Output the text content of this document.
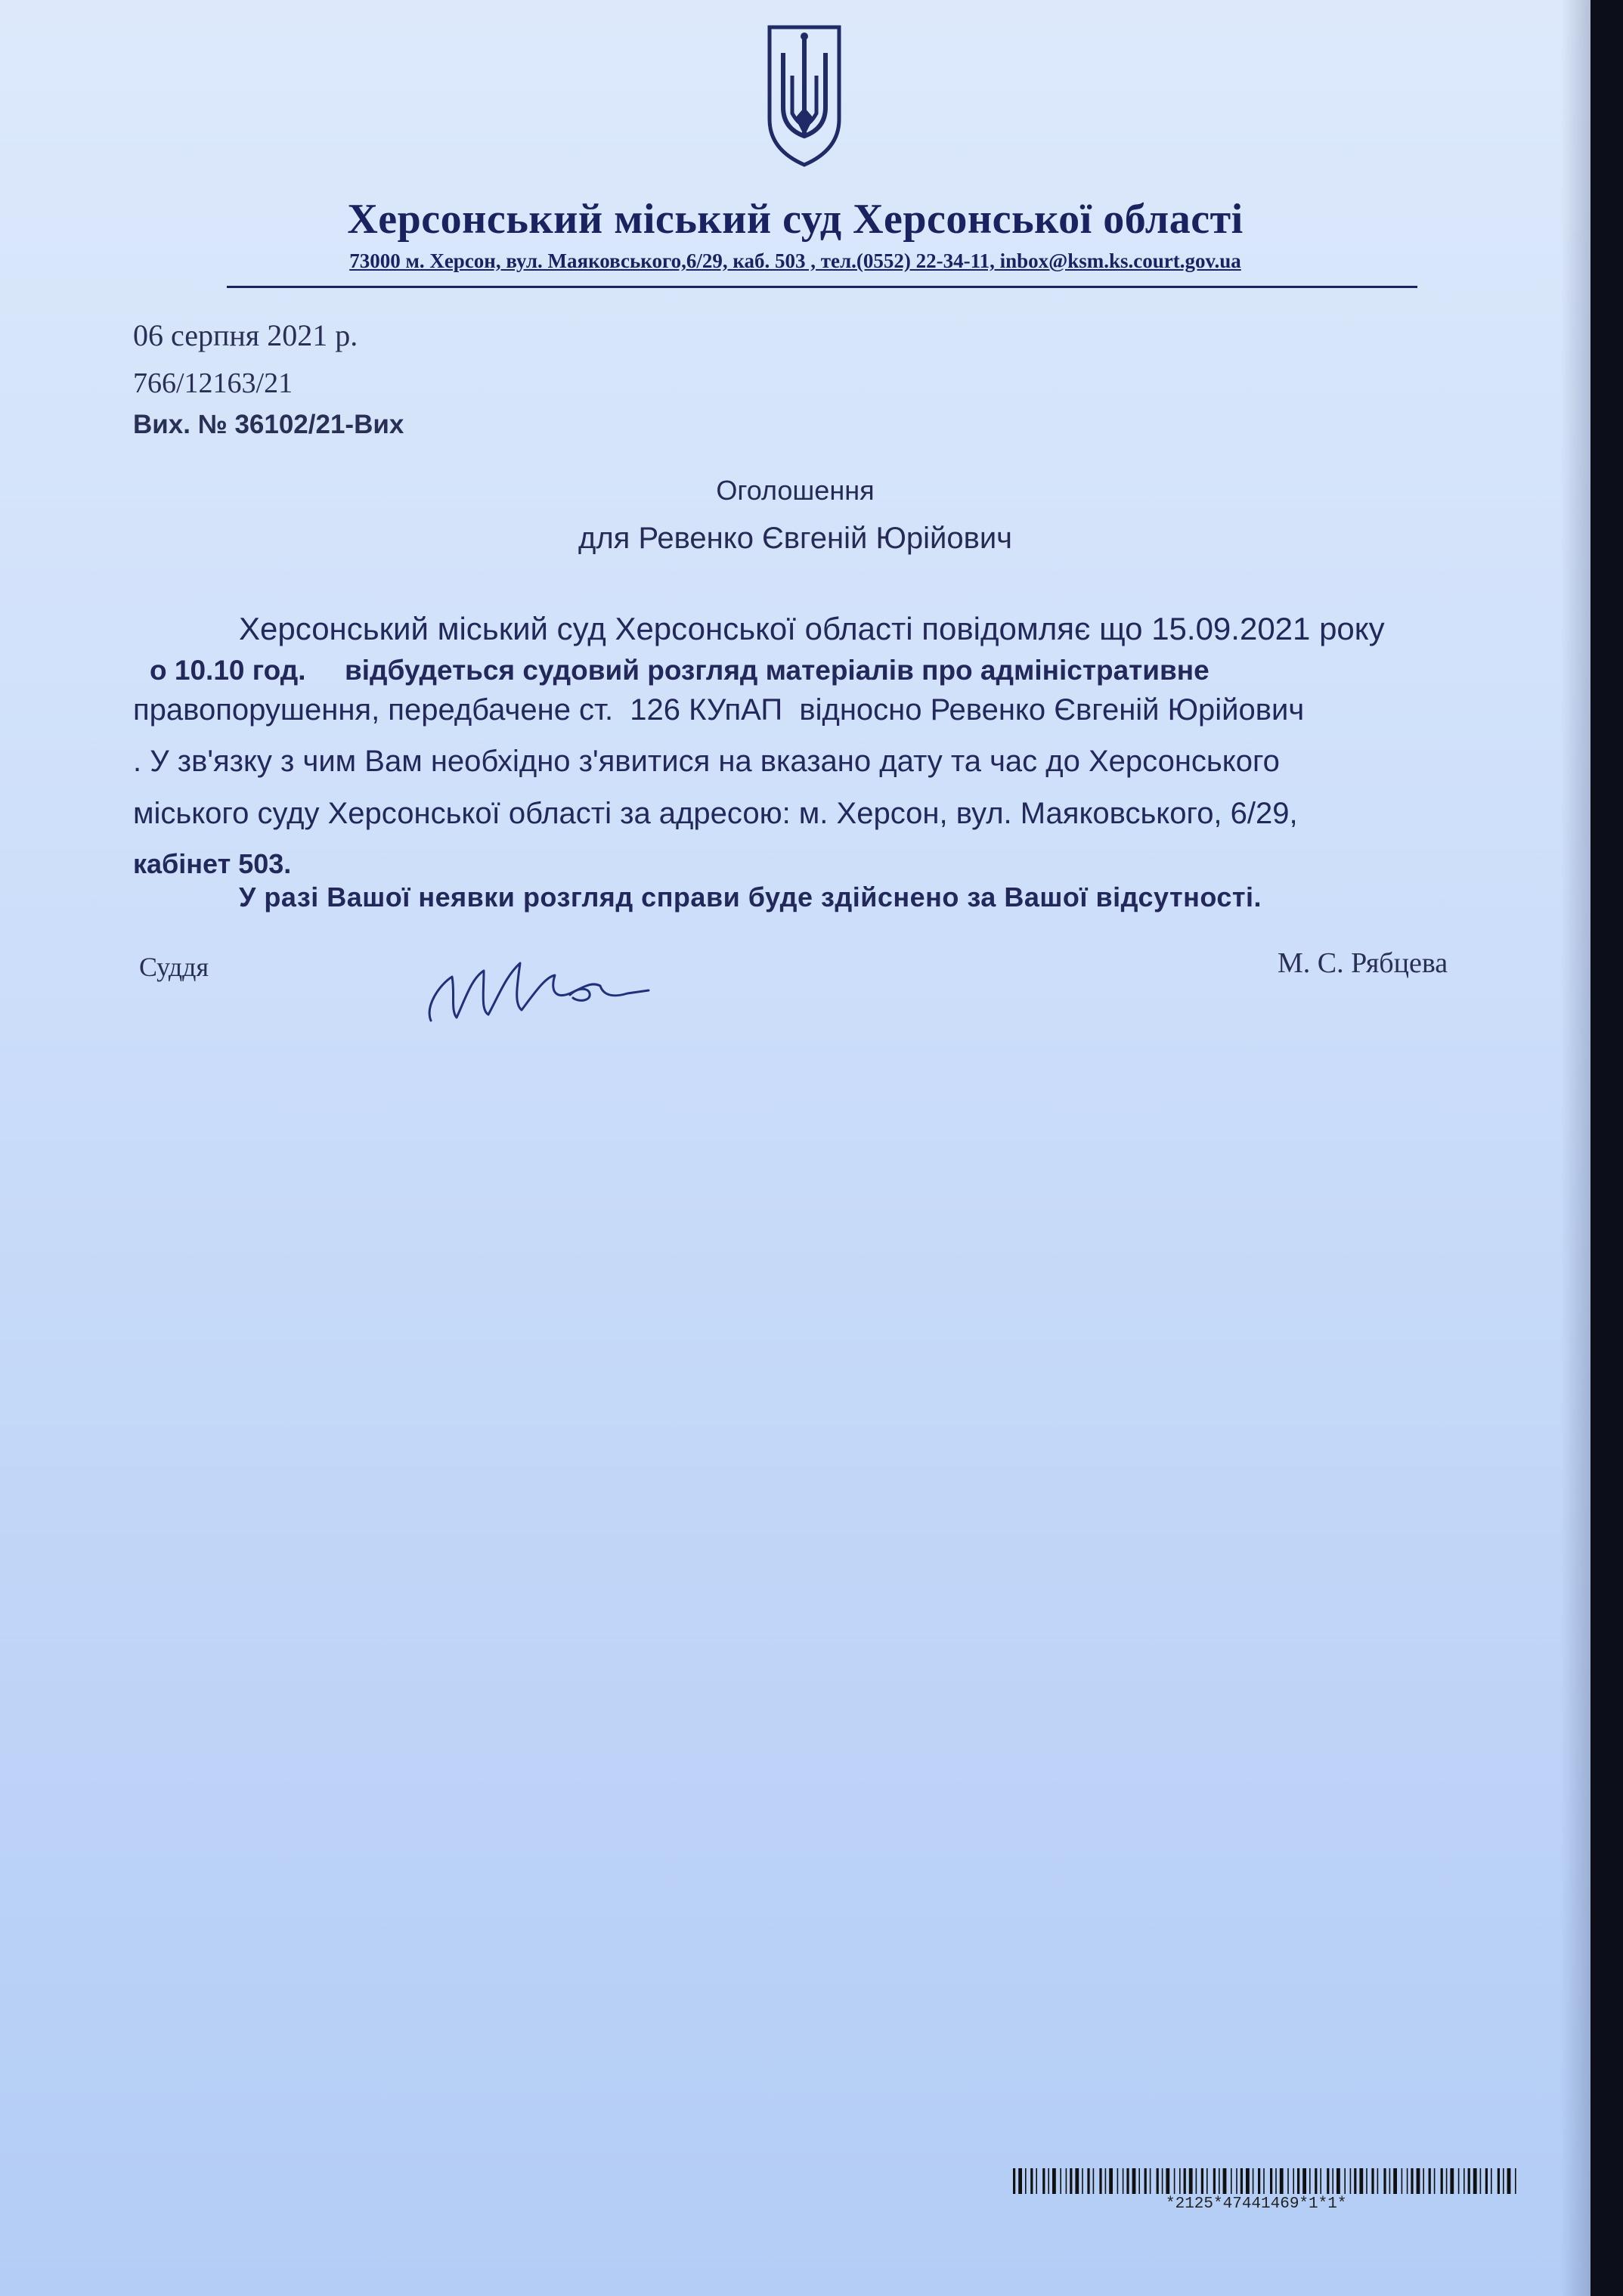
Херсонський міський суд Херсонської області
73000 м. Херсон, вул. Маяковського,6/29, каб. 503 , тел.(0552) 22-34-11, inbox@ksm.ks.court.gov.ua
06 серпня 2021 р.
766/12163/21
Вих. № 36102/21-Вих
Оголошення
для Ревенко Євгеній Юрійович
Херсонський міський суд Херсонської області повідомляє що 15.09.2021 року
о 10.10 год.     відбудеться судовий розгляд матеріалів про адміністративне
правопорушення, передбачене ст.  126 КУпАП  відносно Ревенко Євгеній Юрійович
. У зв'язку з чим Вам необхідно з'явитися на вказано дату та час до Херсонського
міського суду Херсонської області за адресою: м. Херсон, вул. Маяковського, 6/29,
кабінет 503.
У разі Вашої неявки розгляд справи буде здійснено за Вашої відсутності.
Суддя	М. С. Рябцева
*2125*47441469*1*1*
